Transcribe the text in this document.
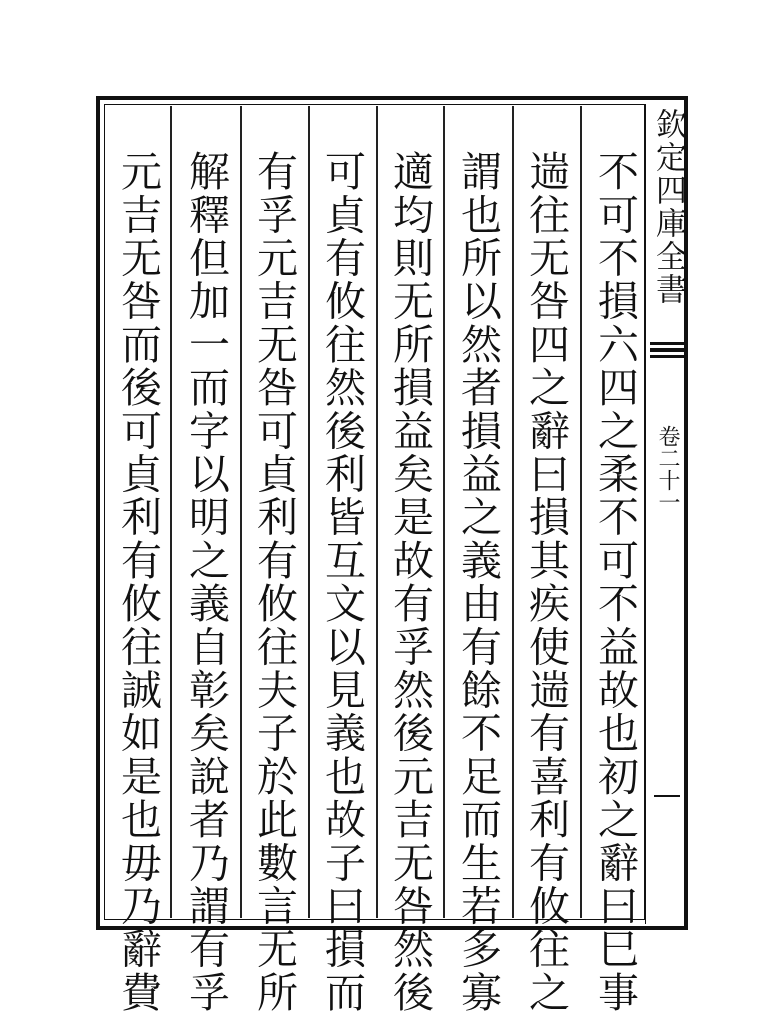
欽定四庫全書
卷二十一
不可不損六四之柔不可不益故也初之辭曰巳事
遄往无咎四之辭曰損其疾使遄有喜利有攸往之
謂也所以然者損益之義由有餘不足而生若多寡
適均則无所損益矣是故有孚然後元吉无咎然後
可貞有攸往然後利皆互文以見義也故子曰損而
有孚元吉无咎可貞利有攸往夫子於此數言无所
解釋但加一而字以明之義自彰矣說者乃謂有孚
元吉无咎而後可貞利有攸往誠如是也毋乃辭費
